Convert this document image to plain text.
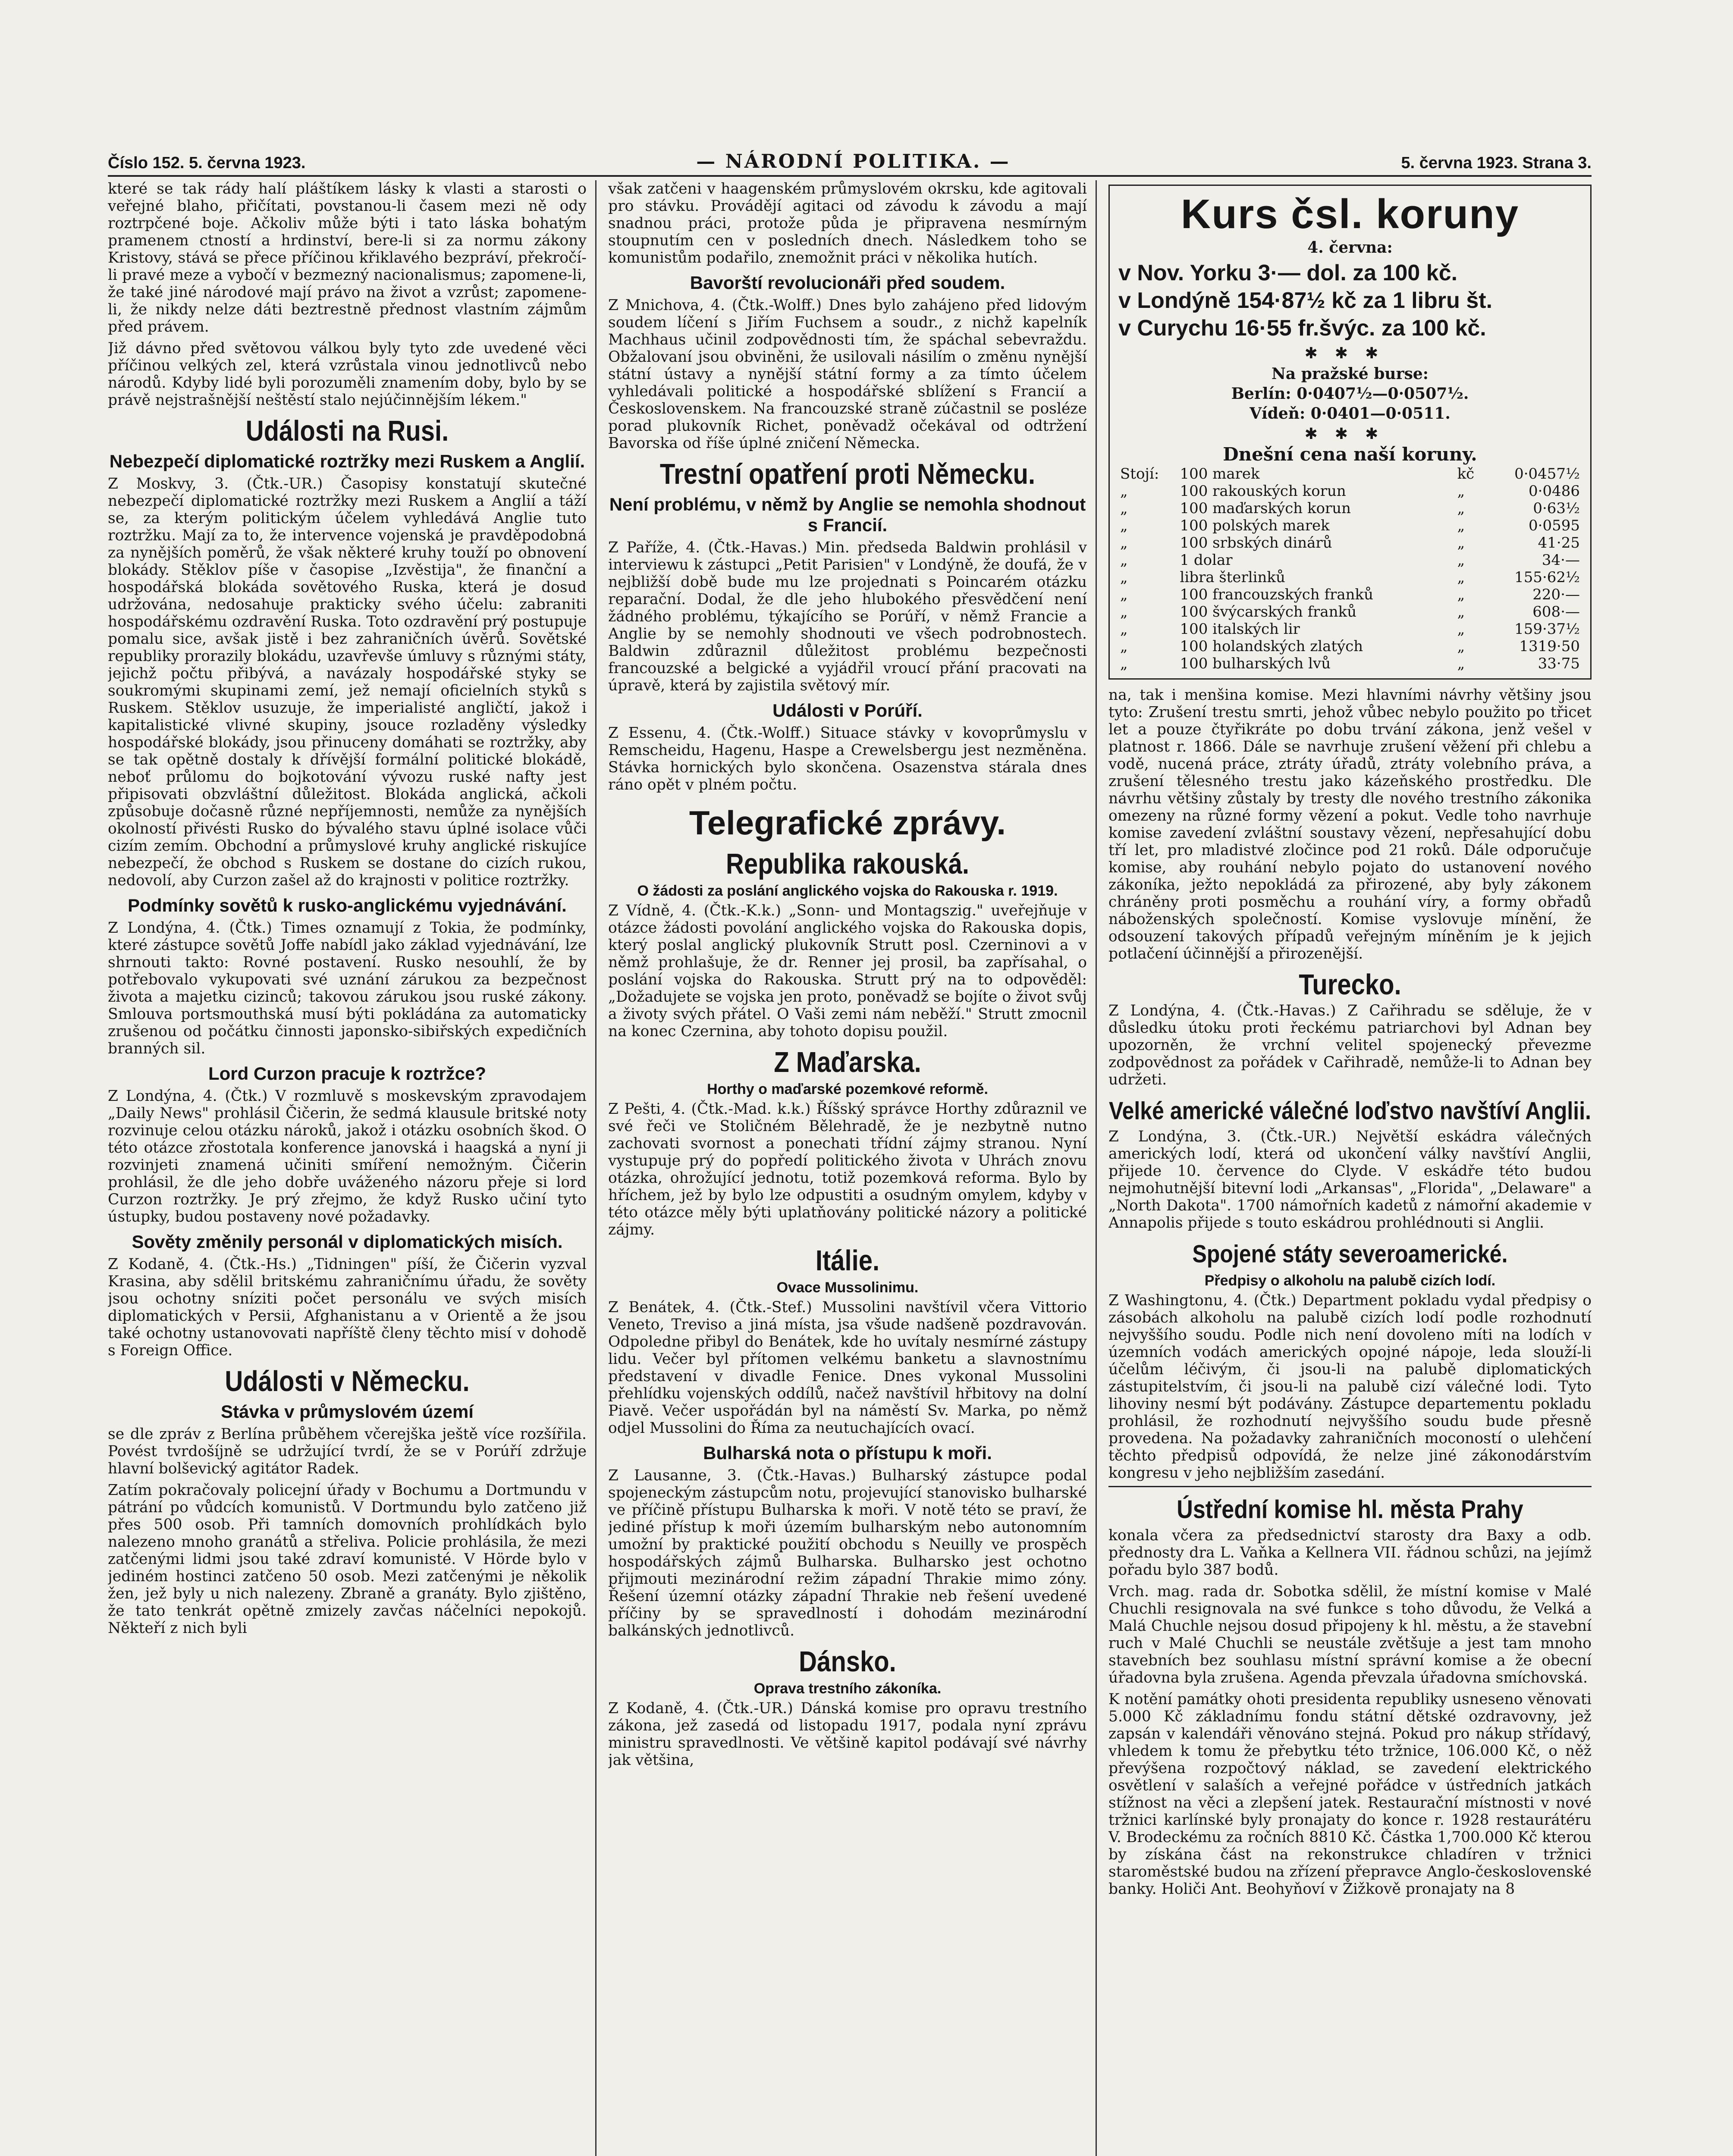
Číslo 152. 5. června 1923.	— NÁRODNÍ POLITIKA. —	5. června 1923. Strana 3.

které se tak rády halí pláštíkem lásky k vlasti a starosti o veřejné blaho, přičítati, povstanou-li časem mezi ně ody roztrpčené boje. Ačkoliv může býti i tato láska bohatým pramenem ctností a hrdinství, bere-li si za normu zákony Kristovy, stává se přece příčinou křiklavého bezpráví, překročí-li pravé meze a vybočí v bezmezný nacionalismus; zapomene-li, že také jiné národové mají právo na život a vzrůst; zapomene-li, že nikdy nelze dáti beztrestně přednost vlastním zájmům před právem.

Již dávno před světovou válkou byly tyto zde uvedené věci příčinou velkých zel, která vzrůstala vinou jednotlivců nebo národů. Kdyby lidé byli porozuměli znamením doby, bylo by se právě nejstrašnější neštěstí stalo nejúčinnějším lékem."

Události na Rusi.
Nebezpečí diplomatické roztržky mezi Ruskem a Anglií.

Z Moskvy, 3. (Čtk.-UR.) Časopisy konstatují skutečné nebezpečí diplomatické roztržky mezi Ruskem a Anglií a táží se, za kterým politickým účelem vyhledává Anglie tuto roztržku. Mají za to, že intervence vojenská je pravděpodobná za nynějších poměrů, že však některé kruhy touží po obnovení blokády. Stěklov píše v časopise „Izvěstija", že finanční a hospodářská blokáda sovětového Ruska, která je dosud udržována, nedosahuje prakticky svého účelu: zabraniti hospodářskému ozdravění Ruska. Toto ozdravění prý postupuje pomalu sice, avšak jistě i bez zahraničních úvěrů. Sovětské republiky prorazily blokádu, uzavřevše úmluvy s různými státy, jejichž počtu přibývá, a navázaly hospodářské styky se soukromými skupinami zemí, jež nemají oficielních styků s Ruskem. Stěklov usuzuje, že imperialisté angličtí, jakož i kapitalistické vlivné skupiny, jsouce rozladěny výsledky hospodářské blokády, jsou přinuceny domáhati se roztržky, aby se tak opětně dostaly k dřívější formální politické blokádě, neboť průlomu do bojkotování vývozu ruské nafty jest připisovati obzvláštní důležitost. Blokáda anglická, ačkoli způsobuje dočasně různé nepříjemnosti, nemůže za nynějších okolností přivésti Rusko do bývalého stavu úplné isolace vůči cizím zemím. Obchodní a průmyslové kruhy anglické riskujíce nebezpečí, že obchod s Ruskem se dostane do cizích rukou, nedovolí, aby Curzon zašel až do krajnosti v politice roztržky.

Podmínky sovětů k rusko-anglickému vyjednávání.

Z Londýna, 4. (Čtk.) Times oznamují z Tokia, že podmínky, které zástupce sovětů Joffe nabídl jako základ vyjednávání, lze shrnouti takto: Rovné postavení. Rusko nesouhlí, že by potřebovalo vykupovati své uznání zárukou za bezpečnost života a majetku cizinců; takovou zárukou jsou ruské zákony. Smlouva portsmouthská musí býti pokládána za automaticky zrušenou od počátku činnosti japonsko-sibiřských expedičních branných sil.

Lord Curzon pracuje k roztržce?

Z Londýna, 4. (Čtk.) V rozmluvě s moskevským zpravodajem „Daily News" prohlásil Čičerin, že sedmá klausule britské noty rozvinuje celou otázku nároků, jakož i otázku osobních škod. O této otázce zřostotala konference janovská i haagská a nyní ji rozvinjeti znamená učiniti smíření nemožným. Čičerin prohlásil, že dle jeho dobře uváženého názoru přeje si lord Curzon roztržky. Je prý zřejmo, že když Rusko učiní tyto ústupky, budou postaveny nové požadavky.

Sověty změnily personál v diplomatických misích.

Z Kodaně, 4. (Čtk.-Hs.) „Tidningen" píší, že Čičerin vyzval Krasina, aby sdělil britskému zahraničnímu úřadu, že sověty jsou ochotny sníziti počet personálu ve svých misích diplomatických v Persii, Afghanistanu a v Orientě a že jsou také ochotny ustanovovati napříště členy těchto misí v dohodě s Foreign Office.

Události v Německu.
Stávka v průmyslovém území

se dle zpráv z Berlína průběhem včerejška ještě více rozšířila. Povést tvrdošíjně se udržující tvrdí, že se v Porúří zdržuje hlavní bolševický agitátor Radek.

Zatím pokračovaly policejní úřady v Bochumu a Dortmundu v pátrání po vůdcích komunistů. V Dortmundu bylo zatčeno již přes 500 osob. Při tamních domovních prohlídkách bylo nalezeno mnoho granátů a střeliva. Policie prohlásila, že mezi zatčenými lidmi jsou také zdraví komunisté. V Hörde bylo v jediném hostinci zatčeno 50 osob. Mezi zatčenými je několik žen, jež byly u nich nalezeny. Zbraně a granáty. Bylo zjištěno, že tato tenkrát opětně zmizely zavčas náčelníci nepokojů. Někteří z nich byli

však zatčeni v haagenském průmyslovém okrsku, kde agitovali pro stávku. Provádějí agitaci od závodu k závodu a mají snadnou práci, protože půda je připravena nesmírným stoupnutím cen v posledních dnech. Následkem toho se komunistům podařilo, znemožnit práci v několika hutích.

Bavorští revolucionáři před soudem.

Z Mnichova, 4. (Čtk.-Wolff.) Dnes bylo zahájeno před lidovým soudem líčení s Jiřím Fuchsem a soudr., z nichž kapelník Machhaus učinil zodpovědnosti tím, že spáchal sebevraždu. Obžalovaní jsou obviněni, že usilovali násilím o změnu nynější státní ústavy a nynější státní formy a za tímto účelem vyhledávali politické a hospodářské sblížení s Francií a Československem. Na francouzské straně zúčastnil se posléze porad plukovník Richet, poněvadž očekával od odtržení Bavorska od říše úplné zničení Německa.

Trestní opatření proti Německu.
Není problému, v němž by Anglie se nemohla shodnout s Francií.

Z Paříže, 4. (Čtk.-Havas.) Min. předseda Baldwin prohlásil v interviewu k zástupci „Petit Parisien" v Londýně, že doufá, že v nejbližší době bude mu lze projednati s Poincarém otázku reparační. Dodal, že dle jeho hlubokého přesvědčení není žádného problému, týkajícího se Porúří, v němž Francie a Anglie by se nemohly shodnouti ve všech podrobnostech. Baldwin zdůraznil důležitost problému bezpečnosti francouzské a belgické a vyjádřil vroucí přání pracovati na úpravě, která by zajistila světový mír.

Události v Porúří.

Z Essenu, 4. (Čtk.-Wolff.) Situace stávky v kovoprůmyslu v Remscheidu, Hagenu, Haspe a Crewelsbergu jest nezměněna. Stávka hornických bylo skončena. Osazenstva stárala dnes ráno opět v plném počtu.

Telegrafické zprávy.
Republika rakouská.
O žádosti za poslání anglického vojska do Rakouska r. 1919.

Z Vídně, 4. (Čtk.-K.k.) „Sonn- und Montagszig." uveřejňuje v otázce žádosti povolání anglického vojska do Rakouska dopis, který poslal anglický plukovník Strutt posl. Czerninovi a v němž prohlašuje, že dr. Renner jej prosil, ba zapřísahal, o poslání vojska do Rakouska. Strutt prý na to odpověděl: „Dožadujete se vojska jen proto, poněvadž se bojíte o život svůj a životy svých přátel. O Vaši zemi nám neběží." Strutt zmocnil na konec Czernina, aby tohoto dopisu použil.

Z Maďarska.
Horthy o maďarské pozemkové reformě.

Z Pešti, 4. (Čtk.-Mad. k.k.) Říšský správce Horthy zdůraznil ve své řeči ve Stoličném Bělehradě, že je nezbytně nutno zachovati svornost a ponechati třídní zájmy stranou. Nyní vystupuje prý do popředí politického života v Uhrách znovu otázka, ohrožující jednotu, totiž pozemková reforma. Bylo by hříchem, jež by bylo lze odpustiti a osudným omylem, kdyby v této otázce měly býti uplatňovány politické názory a politické zájmy.

Itálie.
Ovace Mussolinimu.

Z Benátek, 4. (Čtk.-Stef.) Mussolini navštívil včera Vittorio Veneto, Treviso a jiná místa, jsa všude nadšeně pozdravován. Odpoledne přibyl do Benátek, kde ho uvítaly nesmírné zástupy lidu. Večer byl přítomen velkému banketu a slavnostnímu představení v divadle Fenice. Dnes vykonal Mussolini přehlídku vojenských oddílů, načež navštívil hřbitovy na dolní Piavě. Večer uspořádán byl na náměstí Sv. Marka, po němž odjel Mussolini do Říma za neutuchajících ovací.

Bulharská nota o přístupu k moři.

Z Lausanne, 3. (Čtk.-Havas.) Bulharský zástupce podal spojeneckým zástupcům notu, projevující stanovisko bulharské ve příčině přístupu Bulharska k moři. V notě této se praví, že jediné přístup k moři územím bulharským nebo autonomním umožní by praktické použití obchodu s Neuilly ve prospěch hospodářských zájmů Bulharska. Bulharsko jest ochotno přijmouti mezinárodní režim západní Thrakie mimo zóny. Řešení územní otázky západní Thrakie neb řešení uvedené příčiny by se spravedlností i dohodám mezinárodní balkánských jednotlivců.

Dánsko.
Oprava trestního zákoníka.

Z Kodaně, 4. (Čtk.-UR.) Dánská komise pro opravu trestního zákona, jež zasedá od listopadu 1917, podala nyní zprávu ministru spravedlnosti. Ve většině kapitol podávají své návrhy jak většina,

Kurs čsl. koruny
4. června:
v Nov. Yorku 3·— dol. za 100 kč.
v Londýně 154·87½ kč za 1 libru št.
v Curychu 16·55 fr.švýc. za 100 kč.
✱✱✱
Na pražské burse:
Berlín: 0·0407½—0·0507½.
Vídeň: 0·0401—0·0511.
✱✱✱
Dnešní cena naší koruny.
Stojí:	100 marek	kč	0·0457½
„	100 rakouských korun	„	0·0486
„	100 maďarských korun	„	0·63½
„	100 polských marek	„	0·0595
„	100 srbských dinárů	„	41·25
„	1 dolar	„	34·—
„	libra šterlinků	„	155·62½
„	100 francouzských franků	„	220·—
„	100 švýcarských franků	„	608·—
„	100 italských lir	„	159·37½
„	100 holandských zlatých	„	1319·50
„	100 bulharských lvů	„	33·75

na, tak i menšina komise. Mezi hlavními návrhy většiny jsou tyto: Zrušení trestu smrti, jehož vůbec nebylo použito po třicet let a pouze čtyřikráte po dobu trvání zákona, jenž vešel v platnost r. 1866. Dále se navrhuje zrušení věžení při chlebu a vodě, nucená práce, ztráty úřadů, ztráty volebního práva, a zrušení tělesného trestu jako kázeňského prostředku. Dle návrhu většiny zůstaly by tresty dle nového trestního zákonika omezeny na různé formy vězení a pokut. Vedle toho navrhuje komise zavedení zvláštní soustavy vězení, nepřesahující dobu tří let, pro mladistvé zločince pod 21 roků. Dále odporučuje komise, aby rouhání nebylo pojato do ustanovení nového zákoníka, ježto nepokládá za přirozené, aby byly zákonem chráněny proti posměchu a rouhání víry, a formy obřadů náboženských společností. Komise vyslovuje mínění, že odsouzení takových případů veřejným míněním je k jejich potlačení účinnější a přirozenější.

Turecko.

Z Londýna, 4. (Čtk.-Havas.) Z Cařihradu se sděluje, že v důsledku útoku proti řeckému patriarchovi byl Adnan bey upozorněn, že vrchní velitel spojenecký převezme zodpovědnost za pořádek v Cařihradě, nemůže-li to Adnan bey udržeti.

Velké americké válečné loďstvo navštíví Anglii.

Z Londýna, 3. (Čtk.-UR.) Největší eskádra válečných amerických lodí, která od ukončení války navštíví Anglii, přijede 10. července do Clyde. V eskádře této budou nejmohutnější bitevní lodi „Arkansas", „Florida", „Delaware" a „North Dakota". 1700 námořních kadetů z námořní akademie v Annapolis přijede s touto eskádrou prohlédnouti si Anglii.

Spojené státy severoamerické.
Předpisy o alkoholu na palubě cizích lodí.

Z Washingtonu, 4. (Čtk.) Department pokladu vydal předpisy o zásobách alkoholu na palubě cizích lodí podle rozhodnutí nejvyššího soudu. Podle nich není dovoleno míti na lodích v územních vodách amerických opojné nápoje, leda slouží-li účelům léčivým, či jsou-li na palubě diplomatických zástupitelstvím, či jsou-li na palubě cizí válečné lodi. Tyto lihoviny nesmí být podávány. Zástupce departementu pokladu prohlásil, že rozhodnutí nejvyššího soudu bude přesně provedena. Na požadavky zahraničních mocoností o ulehčení těchto předpisů odpovídá, že nelze jiné zákonodárstvím kongresu v jeho nejbližším zasedání.

Ústřední komise hl. města Prahy

konala včera za předsednictví starosty dra Baxy a odb. přednosty dra L. Vaňka a Kellnera VII. řádnou schůzi, na jejímž pořadu bylo 387 bodů.

Vrch. mag. rada dr. Sobotka sdělil, že místní komise v Malé Chuchli resignovala na své funkce s toho důvodu, že Velká a Malá Chuchle nejsou dosud připojeny k hl. městu, a že stavební ruch v Malé Chuchli se neustále zvětšuje a jest tam mnoho stavebních bez souhlasu místní správní komise a že obecní úřadovna byla zrušena. Agenda převzala úřadovna smíchovská.

K notění památky ohoti presidenta republiky usneseno věnovati 5.000 Kč základnímu fondu státní dětské ozdravovny, jež zapsán v kalendáři věnováno stejná. Pokud pro nákup střídavý, vhledem k tomu že přebytku této tržnice, 106.000 Kč, o něž převýšena rozpočtový náklad, se zavedení elektrického osvětlení v salaších a veřejné pořádce v ústředních jatkách stížnost na věci a zlepšení jatek. Restaurační místnosti v nové tržnici karlínské byly pronajaty do konce r. 1928 restaurátéru V. Brodeckému za ročních 8810 Kč. Částka 1,700.000 Kč kterou by získána část na rekonstrukce chladíren v tržnici staroměstské budou na zřízení přepravce Anglo-československé banky. Holiči Ant. Beohyňoví v Žižkově pronajaty na 8
